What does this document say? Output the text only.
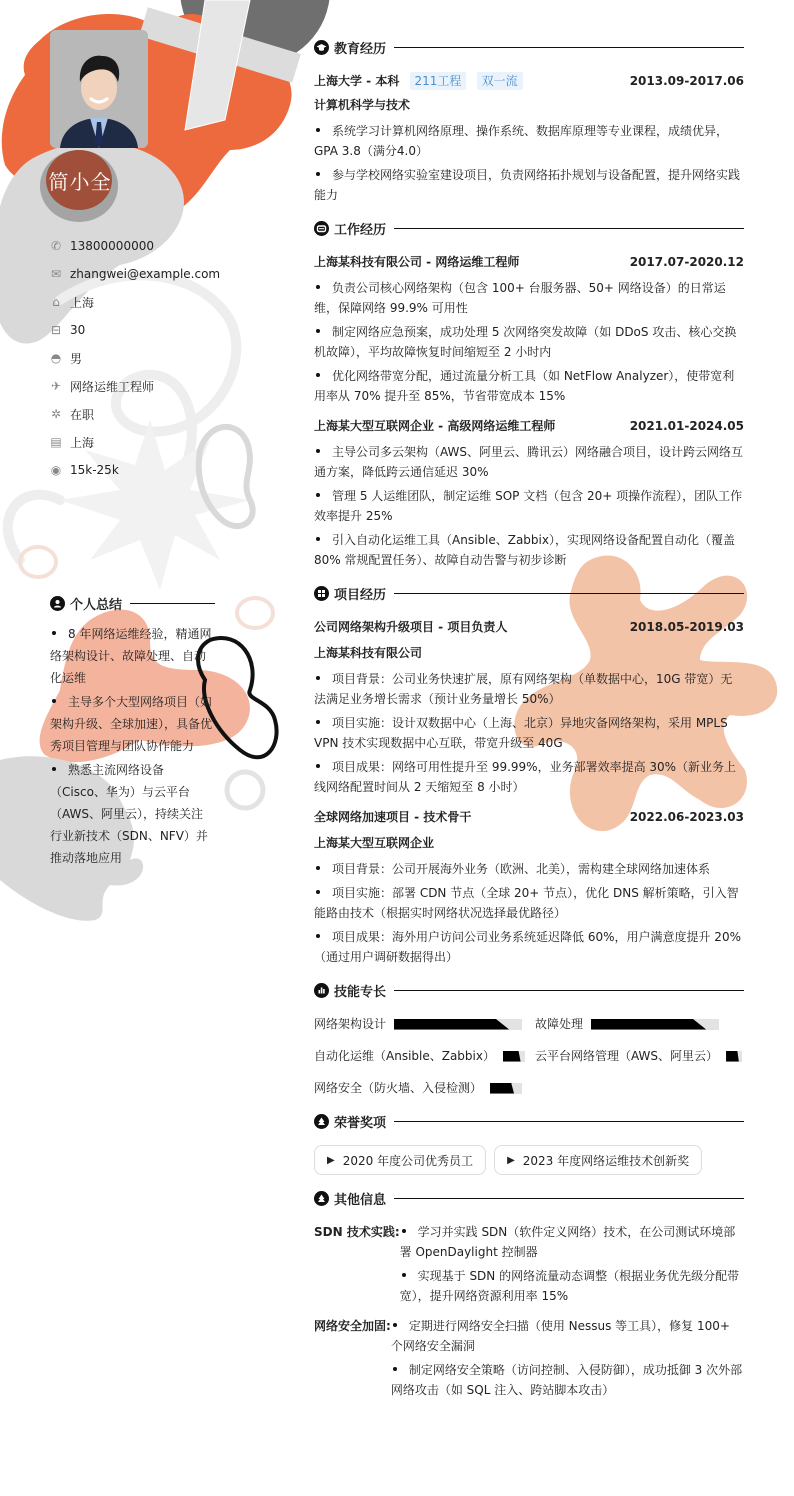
简小全
✆ 13800000000
✉ zhangwei@example.com
⌂ 上海
⊟ 30
◓ 男
✈ 网络运维工程师
✲ 在职
▤ 上海
◉ 15k-25k
个人总结
8 年网络运维经验，精通网络架构设计、故障处理、自动化运维
主导多个大型网络项目（如架构升级、全球加速），具备优秀项目管理与团队协作能力
熟悉主流网络设备（Cisco、华为）与云平台（AWS、阿里云），持续关注行业新技术（SDN、NFV）并推动落地应用
教育经历
上海大学 - 本科 211工程 双一流	2013.09-2017.06
计算机科学与技术
系统学习计算机网络原理、操作系统、数据库原理等专业课程，成绩优异，GPA 3.8（满分4.0）
参与学校网络实验室建设项目，负责网络拓扑规划与设备配置，提升网络实践能力
工作经历
上海某科技有限公司 - 网络运维工程师	2017.07-2020.12
负责公司核心网络架构（包含 100+ 台服务器、50+ 网络设备）的日常运维，保障网络 99.9% 可用性
制定网络应急预案，成功处理 5 次网络突发故障（如 DDoS 攻击、核心交换机故障），平均故障恢复时间缩短至 2 小时内
优化网络带宽分配，通过流量分析工具（如 NetFlow Analyzer），使带宽利用率从 70% 提升至 85%，节省带宽成本 15%
上海某大型互联网企业 - 高级网络运维工程师	2021.01-2024.05
主导公司多云架构（AWS、阿里云、腾讯云）网络融合项目，设计跨云网络互通方案，降低跨云通信延迟 30%
管理 5 人运维团队，制定运维 SOP 文档（包含 20+ 项操作流程），团队工作效率提升 25%
引入自动化运维工具（Ansible、Zabbix），实现网络设备配置自动化（覆盖 80% 常规配置任务）、故障自动告警与初步诊断
项目经历
公司网络架构升级项目 - 项目负责人	2018.05-2019.03
上海某科技有限公司
项目背景：公司业务快速扩展，原有网络架构（单数据中心，10G 带宽）无法满足业务增长需求（预计业务量增长 50%）
项目实施：设计双数据中心（上海、北京）异地灾备网络架构，采用 MPLS VPN 技术实现数据中心互联，带宽升级至 40G
项目成果：网络可用性提升至 99.99%，业务部署效率提高 30%（新业务上线网络配置时间从 2 天缩短至 8 小时）
全球网络加速项目 - 技术骨干	2022.06-2023.03
上海某大型互联网企业
项目背景：公司开展海外业务（欧洲、北美），需构建全球网络加速体系
项目实施：部署 CDN 节点（全球 20+ 节点），优化 DNS 解析策略，引入智能路由技术（根据实时网络状况选择最优路径）
项目成果：海外用户访问公司业务系统延迟降低 60%，用户满意度提升 20%（通过用户调研数据得出）
技能专长
网络架构设计	故障处理
自动化运维（Ansible、Zabbix）	云平台网络管理（AWS、阿里云）
网络安全（防火墙、入侵检测）
荣誉奖项
▶ 2020 年度公司优秀员工	▶ 2023 年度网络运维技术创新奖
其他信息
SDN 技术实践:	学习并实践 SDN（软件定义网络）技术，在公司测试环境部署 OpenDaylight 控制器
实现基于 SDN 的网络流量动态调整（根据业务优先级分配带宽），提升网络资源利用率 15%
网络安全加固:	定期进行网络安全扫描（使用 Nessus 等工具），修复 100+ 个网络安全漏洞
制定网络安全策略（访问控制、入侵防御），成功抵御 3 次外部网络攻击（如 SQL 注入、跨站脚本攻击）
